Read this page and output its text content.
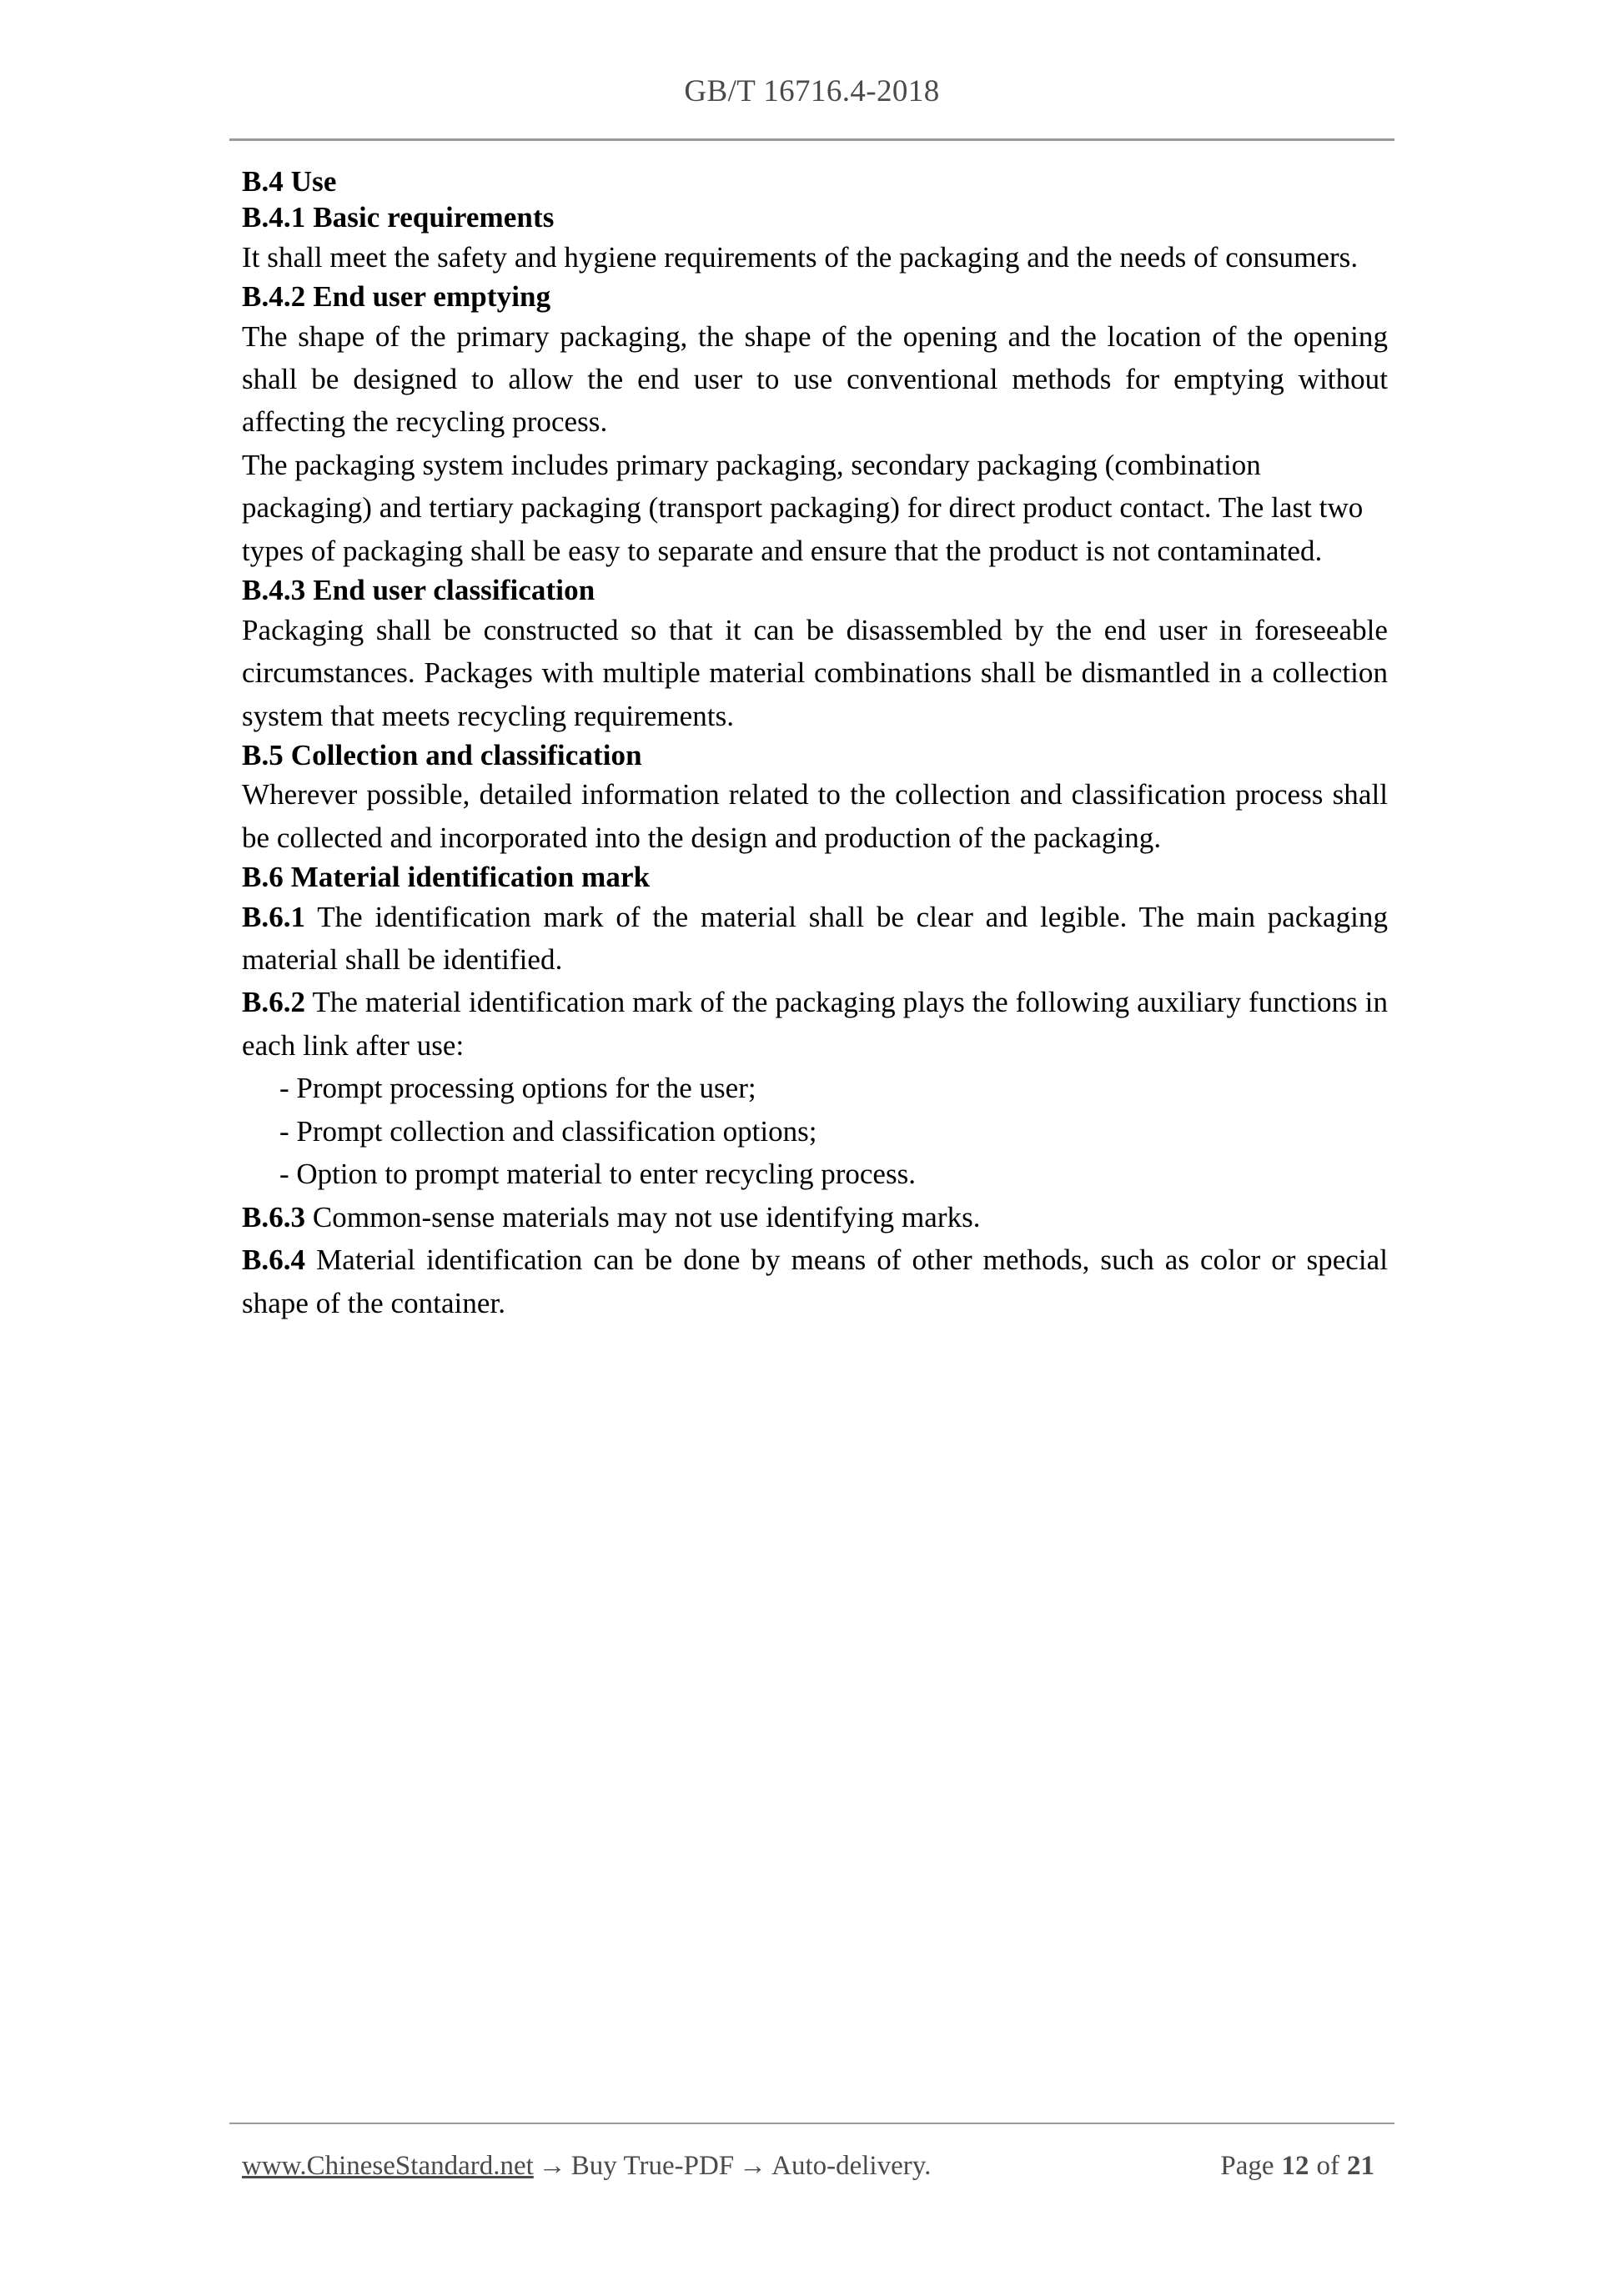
GB/T 16716.4-2018
B.4 Use
B.4.1 Basic requirements

It shall meet the safety and hygiene requirements of the packaging and the needs of consumers.

B.4.2 End user emptying

The shape of the primary packaging, the shape of the opening and the location of the opening shall be designed to allow the end user to use conventional methods for emptying without affecting the recycling process.

The packaging system includes primary packaging, secondary packaging (combination packaging) and tertiary packaging (transport packaging) for direct product contact. The last two types of packaging shall be easy to separate and ensure that the product is not contaminated.

B.4.3 End user classification

Packaging shall be constructed so that it can be disassembled by the end user in foreseeable circumstances. Packages with multiple material combinations shall be dismantled in a collection system that meets recycling requirements.

B.5 Collection and classification

Wherever possible, detailed information related to the collection and classification process shall be collected and incorporated into the design and production of the packaging.

B.6 Material identification mark

B.6.1 The identification mark of the material shall be clear and legible. The main packaging material shall be identified.

B.6.2 The material identification mark of the packaging plays the following auxiliary functions in each link after use:

- Prompt processing options for the user;
- Prompt collection and classification options;
- Option to prompt material to enter recycling process.

B.6.3 Common-sense materials may not use identifying marks.

B.6.4 Material identification can be done by means of other methods, such as color or special shape of the container.

www.ChineseStandard.net → Buy True-PDF → Auto-delivery.	Page 12 of 21
